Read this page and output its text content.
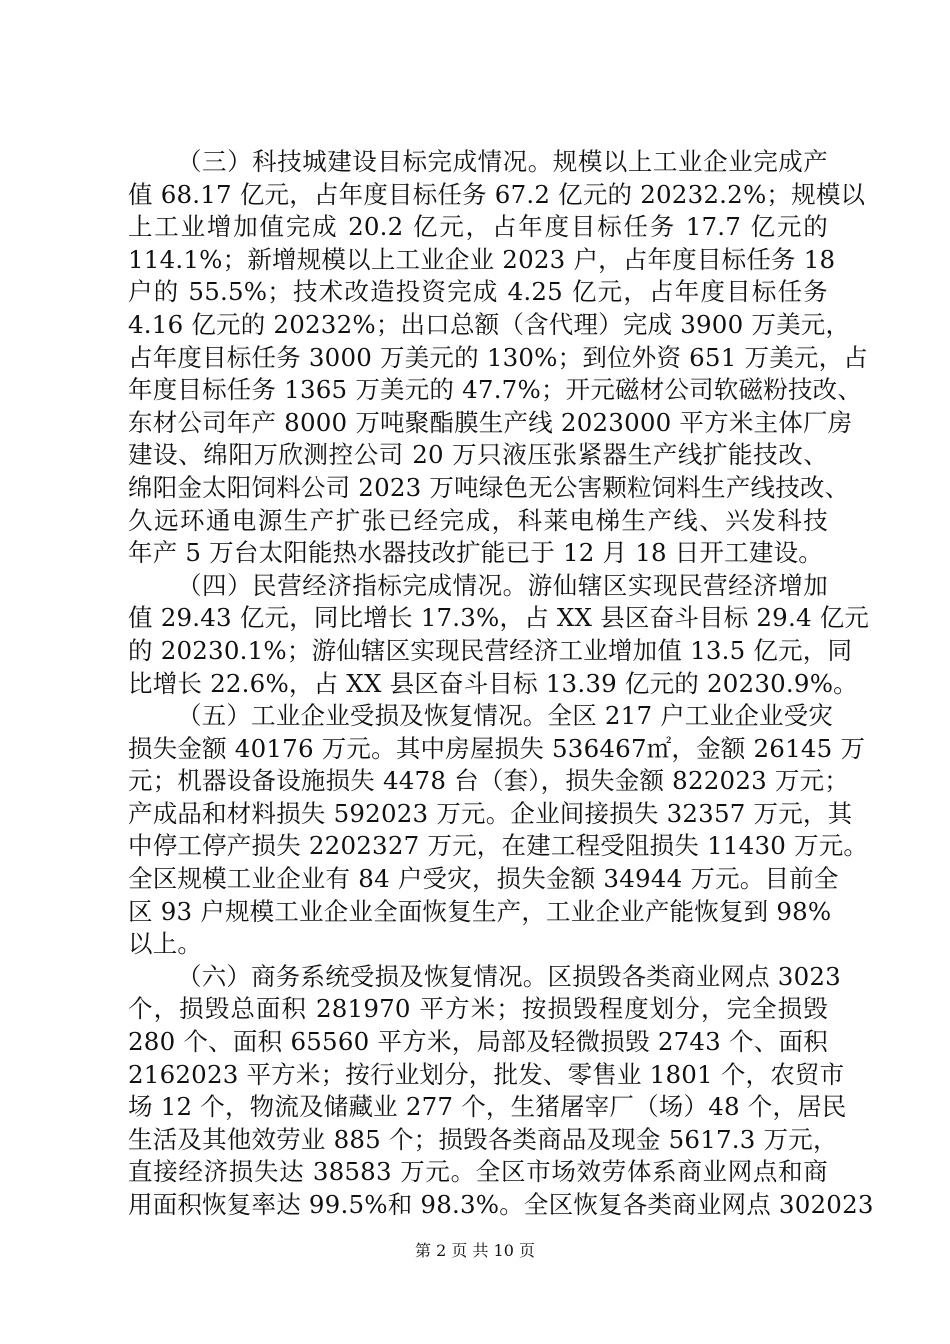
（三）科技城建设目标完成情况。规模以上工业企业完成产
值 68.17 亿元，占年度目标任务 67.2 亿元的 20232.2%；规模以
上工业增加值完成 20.2 亿元，占年度目标任务 17.7 亿元的
114.1%；新增规模以上工业企业 2023 户，占年度目标任务 18
户的 55.5%；技术改造投资完成 4.25 亿元，占年度目标任务
4.16 亿元的 20232%；出口总额（含代理）完成 3900 万美元，
占年度目标任务 3000 万美元的 130%；到位外资 651 万美元，占
年度目标任务 1365 万美元的 47.7%；开元磁材公司软磁粉技改、
东材公司年产 8000 万吨聚酯膜生产线 2023000 平方米主体厂房
建设、绵阳万欣测控公司 20 万只液压张紧器生产线扩能技改、
绵阳金太阳饲料公司 2023 万吨绿色无公害颗粒饲料生产线技改、
久远环通电源生产扩张已经完成，科莱电梯生产线、兴发科技
年产 5 万台太阳能热水器技改扩能已于 12 月 18 日开工建设。
（四）民营经济指标完成情况。游仙辖区实现民营经济增加
值 29.43 亿元，同比增长 17.3%，占 XX 县区奋斗目标 29.4 亿元
的 20230.1%；游仙辖区实现民营经济工业增加值 13.5 亿元，同
比增长 22.6%，占 XX 县区奋斗目标 13.39 亿元的 20230.9%。
（五）工业企业受损及恢复情况。全区 217 户工业企业受灾
损失金额 40176 万元。其中房屋损失 536467㎡，金额 26145 万
元；机器设备设施损失 4478 台（套），损失金额 822023 万元；
产成品和材料损失 592023 万元。企业间接损失 32357 万元，其
中停工停产损失 2202327 万元，在建工程受阻损失 11430 万元。
全区规模工业企业有 84 户受灾，损失金额 34944 万元。目前全
区 93 户规模工业企业全面恢复生产，工业企业产能恢复到 98%
以上。
（六）商务系统受损及恢复情况。区损毁各类商业网点 3023
个，损毁总面积 281970 平方米；按损毁程度划分，完全损毁
280 个、面积 65560 平方米，局部及轻微损毁 2743 个、面积
2162023 平方米；按行业划分，批发、零售业 1801 个，农贸市
场 12 个，物流及储藏业 277 个，生猪屠宰厂（场）48 个，居民
生活及其他效劳业 885 个；损毁各类商品及现金 5617.3 万元，
直接经济损失达 38583 万元。全区市场效劳体系商业网点和商
用面积恢复率达 99.5%和 98.3%。全区恢复各类商业网点 302023
第 2 页 共 10 页
